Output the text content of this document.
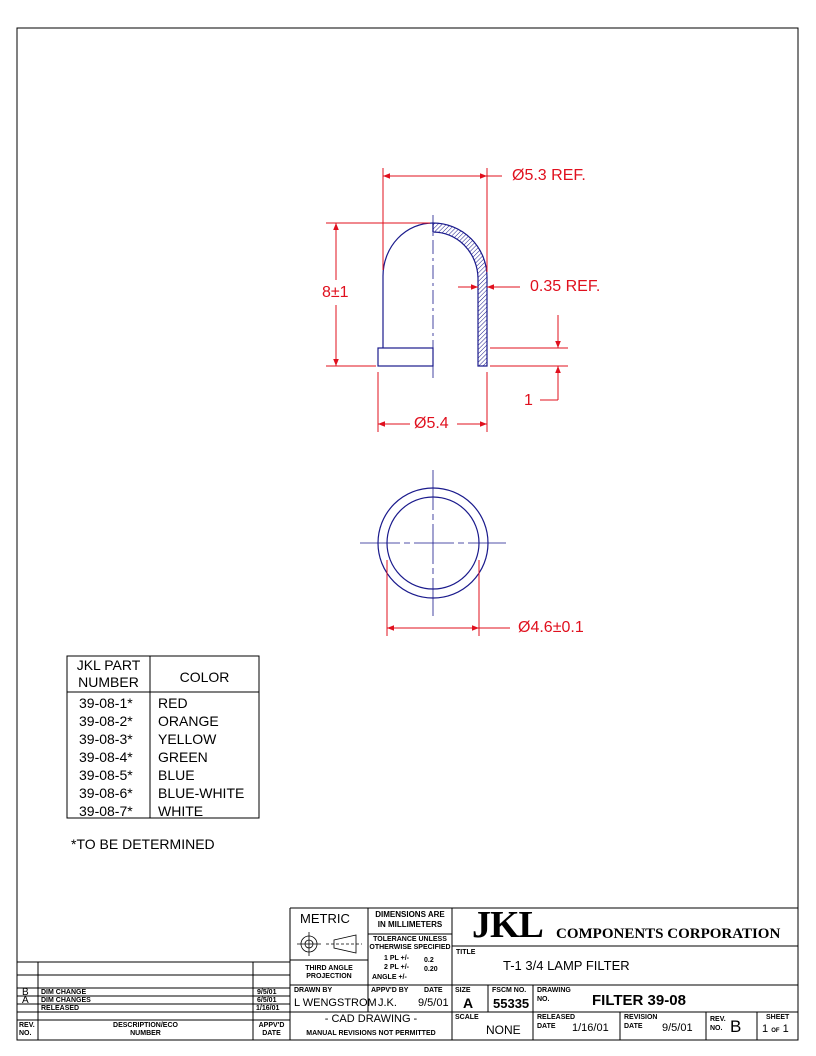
Ø5.3 REF.
8±1	0.35 REF.
1
Ø5.4
Ø4.6±0.1
JKL PART
NUMBER	COLOR
39-08-1* RED
39-08-2* ORANGE
39-08-3* YELLOW
39-08-4* GREEN
39-08-5* BLUE
39-08-6* BLUE-WHITE
39-08-7* WHITE
*TO BE DETERMINED
METRIC	DIMENSIONS ARE
IN MILLIMETERS
TOLERANCE UNLESS
OTHERWISE SPECIFIED
1 PL +/- 0.2
2 PL +/- 0.20
ANGLE +/-
THIRD ANGLE
PROJECTION
JKL COMPONENTS CORPORATION
TITLE
T-1 3/4 LAMP FILTER
DRAWN BY
L WENGSTROM
APPV'D BY DATE
J.K. 9/5/01
SIZE
A
FSCM NO.
55335
DRAWING
NO.	FILTER 39-08
- CAD DRAWING -
MANUAL REVISIONS NOT PERMITTED
SCALE
NONE
RELEASED
DATE 1/16/01
REVISION
DATE 9/5/01
REV.
NO. B	SHEET
1 OF 1
B DIM CHANGE	9/5/01
A DIM CHANGES	6/5/01
RELEASED	1/16/01
REV.
NO.
DESCRIPTION/ECO
NUMBER
APPV'D
DATE
